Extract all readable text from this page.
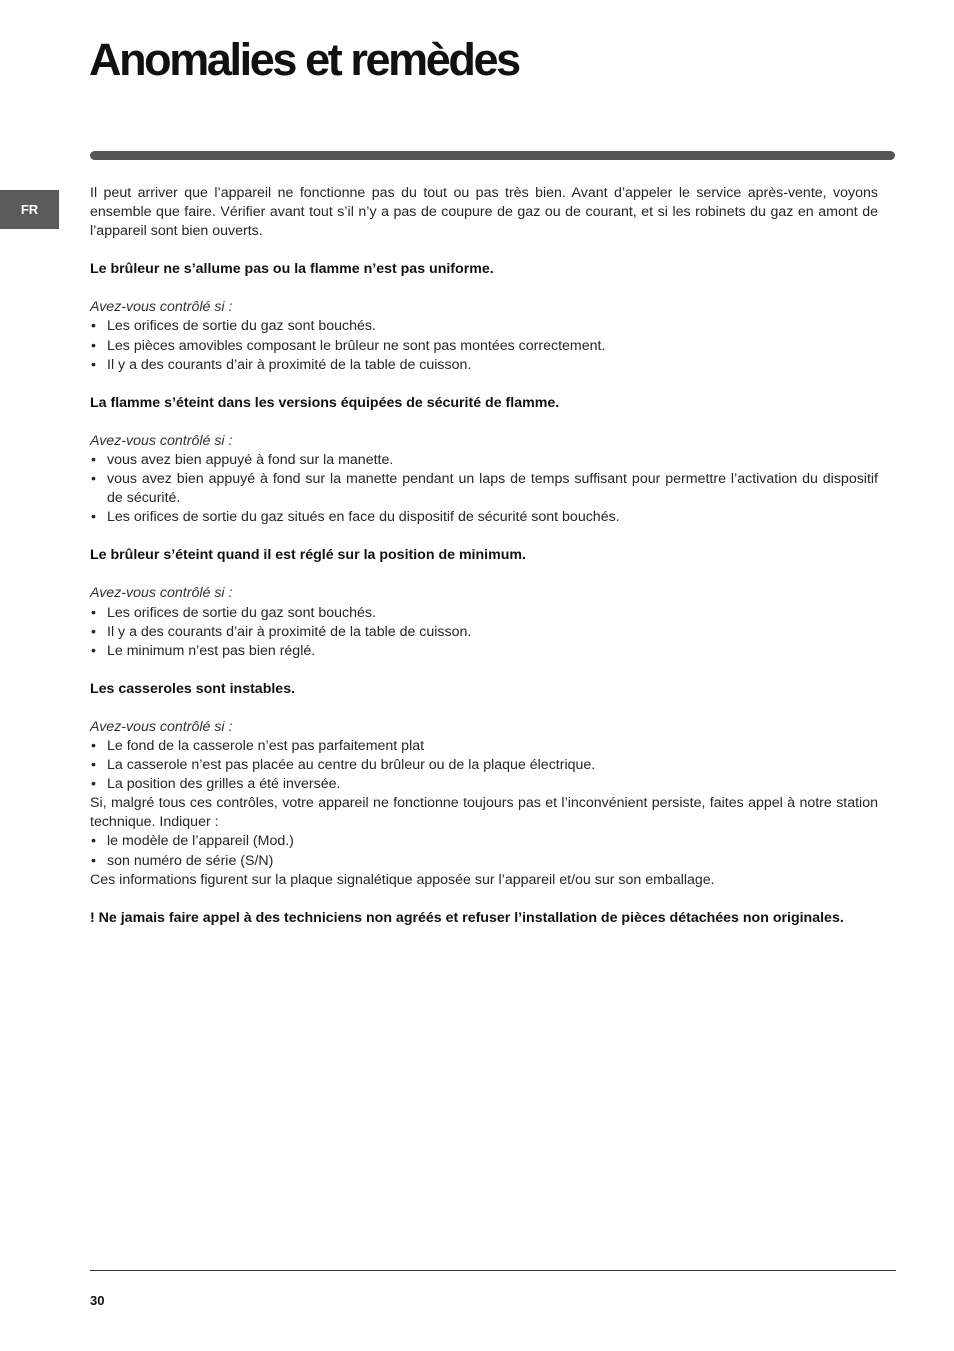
Anomalies et remèdes
FR

Il peut arriver que l’appareil ne fonctionne pas du tout ou pas très bien. Avant d’appeler le service après-vente, voyons ensemble que faire. Vérifier avant tout s’il n’y a pas de coupure de gaz ou de courant, et si les robinets du gaz en amont de l’appareil sont bien ouverts.

Le brûleur ne s’allume pas ou la flamme n’est pas uniforme.

Avez-vous contrôlé si :

• Les orifices de sortie du gaz sont bouchés.
• Les pièces amovibles composant le brûleur ne sont pas montées correctement.
• Il y a des courants d’air à proximité de la table de cuisson.

La flamme s’éteint dans les versions équipées de sécurité de flamme.

Avez-vous contrôlé si :

• vous avez bien appuyé à fond sur la manette.
• vous avez bien appuyé à fond sur la manette pendant un laps de temps suffisant pour permettre l’activation du dispositif de sécurité.
• Les orifices de sortie du gaz situés en face du dispositif de sécurité sont bouchés.

Le brûleur s’éteint quand il est réglé sur la position de minimum.

Avez-vous contrôlé si :

• Les orifices de sortie du gaz sont bouchés.
• Il y a des courants d’air à proximité de la table de cuisson.
• Le minimum n’est pas bien réglé.

Les casseroles sont instables.

Avez-vous contrôlé si :

• Le fond de la casserole n’est pas parfaitement plat
• La casserole n’est pas placée au centre du brûleur ou de la plaque électrique.
• La position des grilles a été inversée.

Si, malgré tous ces contrôles, votre appareil ne fonctionne toujours pas et l’inconvénient persiste, faites appel à notre station technique. Indiquer :

• le modèle de l’appareil (Mod.)
• son numéro de série (S/N)

Ces informations figurent sur la plaque signalétique apposée sur l’appareil et/ou sur son emballage.

! Ne jamais faire appel à des techniciens non agréés et refuser l’installation de pièces détachées non originales.

30
